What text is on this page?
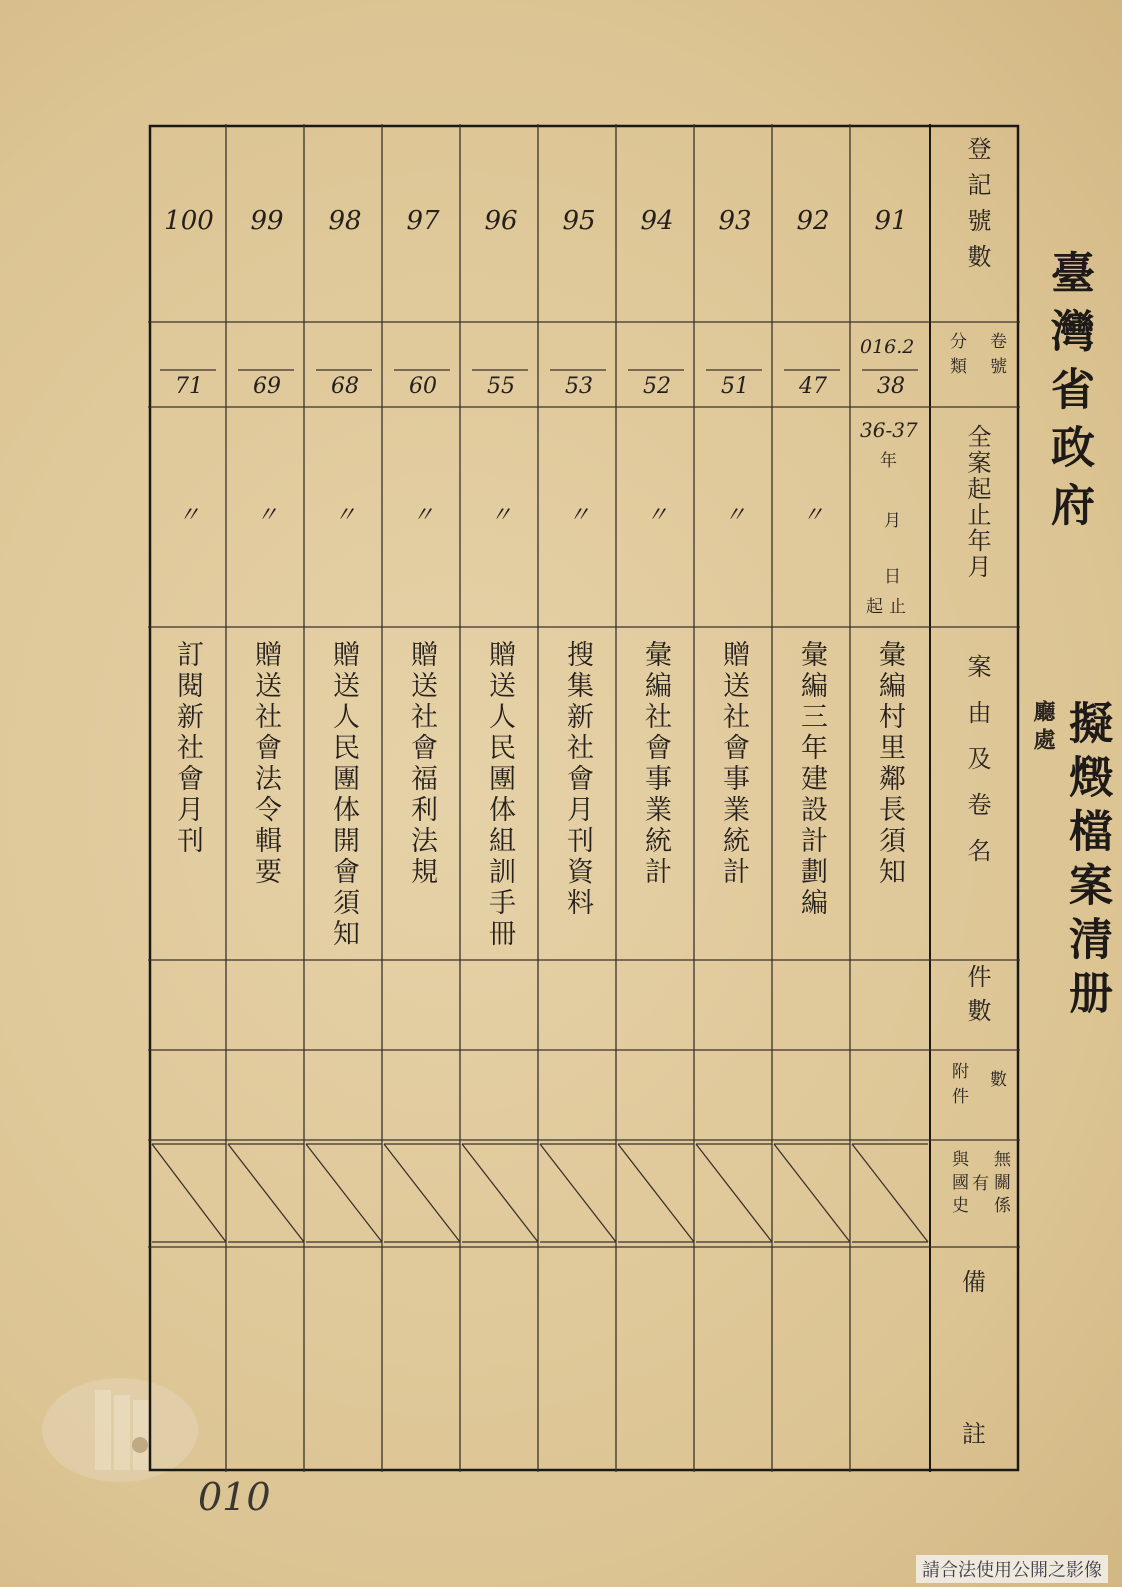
臺灣省政府
廳處 擬燬檔案清册
登記號數
卷號
分類
全案起止年月
案由及卷名
件數
數
附件
無關係
有
與國史
備
註
91
016.2
38
36-37
年
月
日
起止
彙編村里鄰長須知
92
47
〃
彙編三年建設計劃編
93
51
〃
贈送社會事業統計
94
52
〃
彙編社會事業統計
95
53
〃
搜集新社會月刊資料
96
55
〃
贈送人民團体組訓手冊
97
60
〃
贈送社會福利法規
98
68
〃
贈送人民團体開會須知
99
69
〃
贈送社會法令輯要
100
71
〃
訂閱新社會月刊
010
請合法使用公開之影像
